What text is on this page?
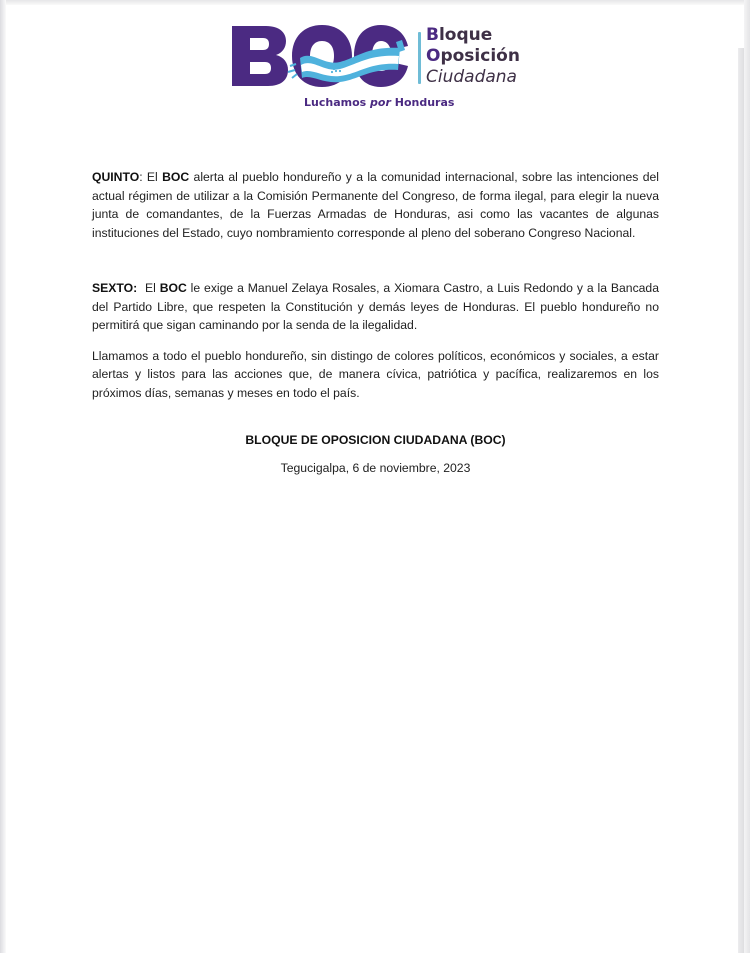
Bloque
Oposición
Ciudadana
Luchamos por Honduras

QUINTO: El BOC alerta al pueblo hondureño y a la comunidad internacional, sobre las intenciones del actual régimen de utilizar a la Comisión Permanente del Congreso, de forma ilegal, para elegir la nueva junta de comandantes, de la Fuerzas Armadas de Honduras, asi como las vacantes de algunas instituciones del Estado, cuyo nombramiento corresponde al pleno del soberano Congreso Nacional.

SEXTO:  El BOC le exige a Manuel Zelaya Rosales, a Xiomara Castro, a Luis Redondo y a la Bancada del Partido Libre, que respeten la Constitución y demás leyes de Honduras. El pueblo hondureño no permitirá que sigan caminando por la senda de la ilegalidad.

Llamamos a todo el pueblo hondureño, sin distingo de colores políticos, económicos y sociales, a estar alertas y listos para las acciones que, de manera cívica, patriótica y pacífica, realizaremos en los próximos días, semanas y meses en todo el país.

BLOQUE DE OPOSICION CIUDADANA (BOC)

Tegucigalpa, 6 de noviembre, 2023
